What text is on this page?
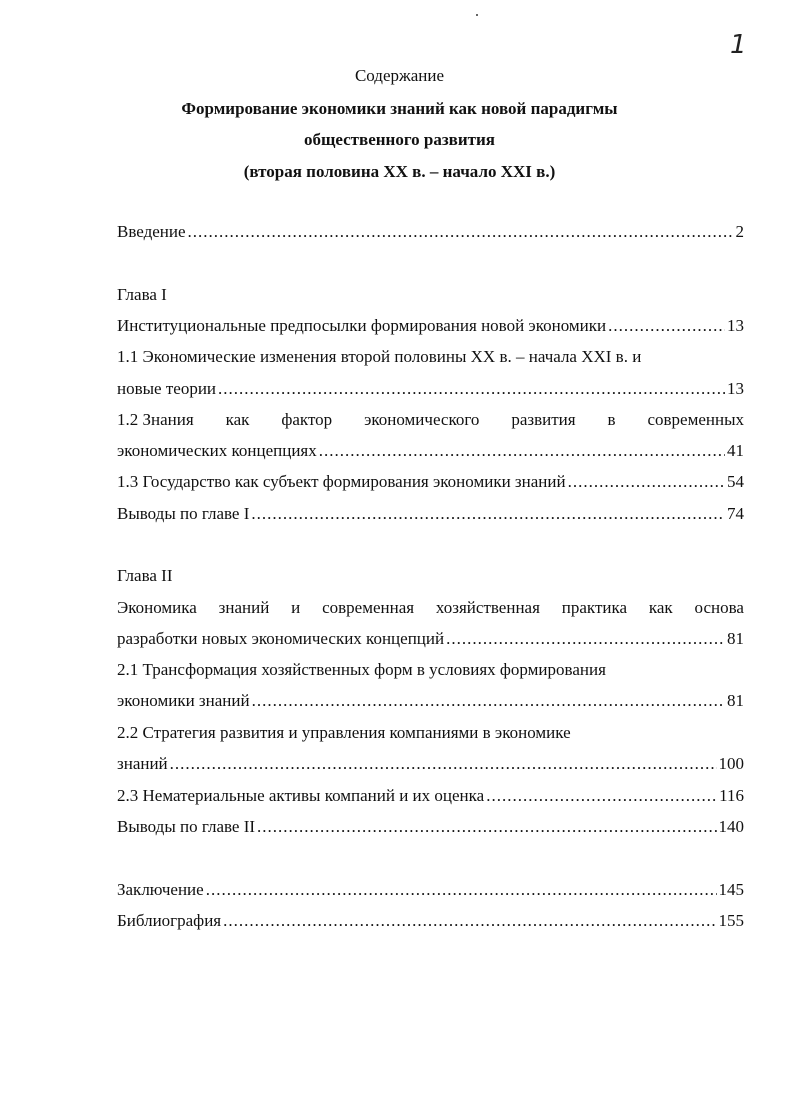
1
Содержание
Формирование экономики знаний как новой парадигмы
общественного развития
(вторая половина XX в. – начало XXI в.)
Введение .....	2
Глава I
Институциональные предпосылки формирования новой экономики .....	13
1.1 Экономические изменения второй половины XX в. – начала XXI в. и
новые теории .....	13
1.2 Знания как фактор экономического развития в современных
экономических концепциях .....	41
1.3 Государство как субъект формирования экономики знаний .....	54
Выводы по главе I .....	74
Глава II
Экономика знаний и современная хозяйственная практика как основа
разработки новых экономических концепций .....	81
2.1 Трансформация хозяйственных форм в условиях формирования
экономики знаний .....	81
2.2 Стратегия развития и управления компаниями в экономике
знаний .....	100
2.3 Нематериальные активы компаний и их оценка .....	116
Выводы по главе II .....	140
Заключение .....	145
Библиография .....	155
